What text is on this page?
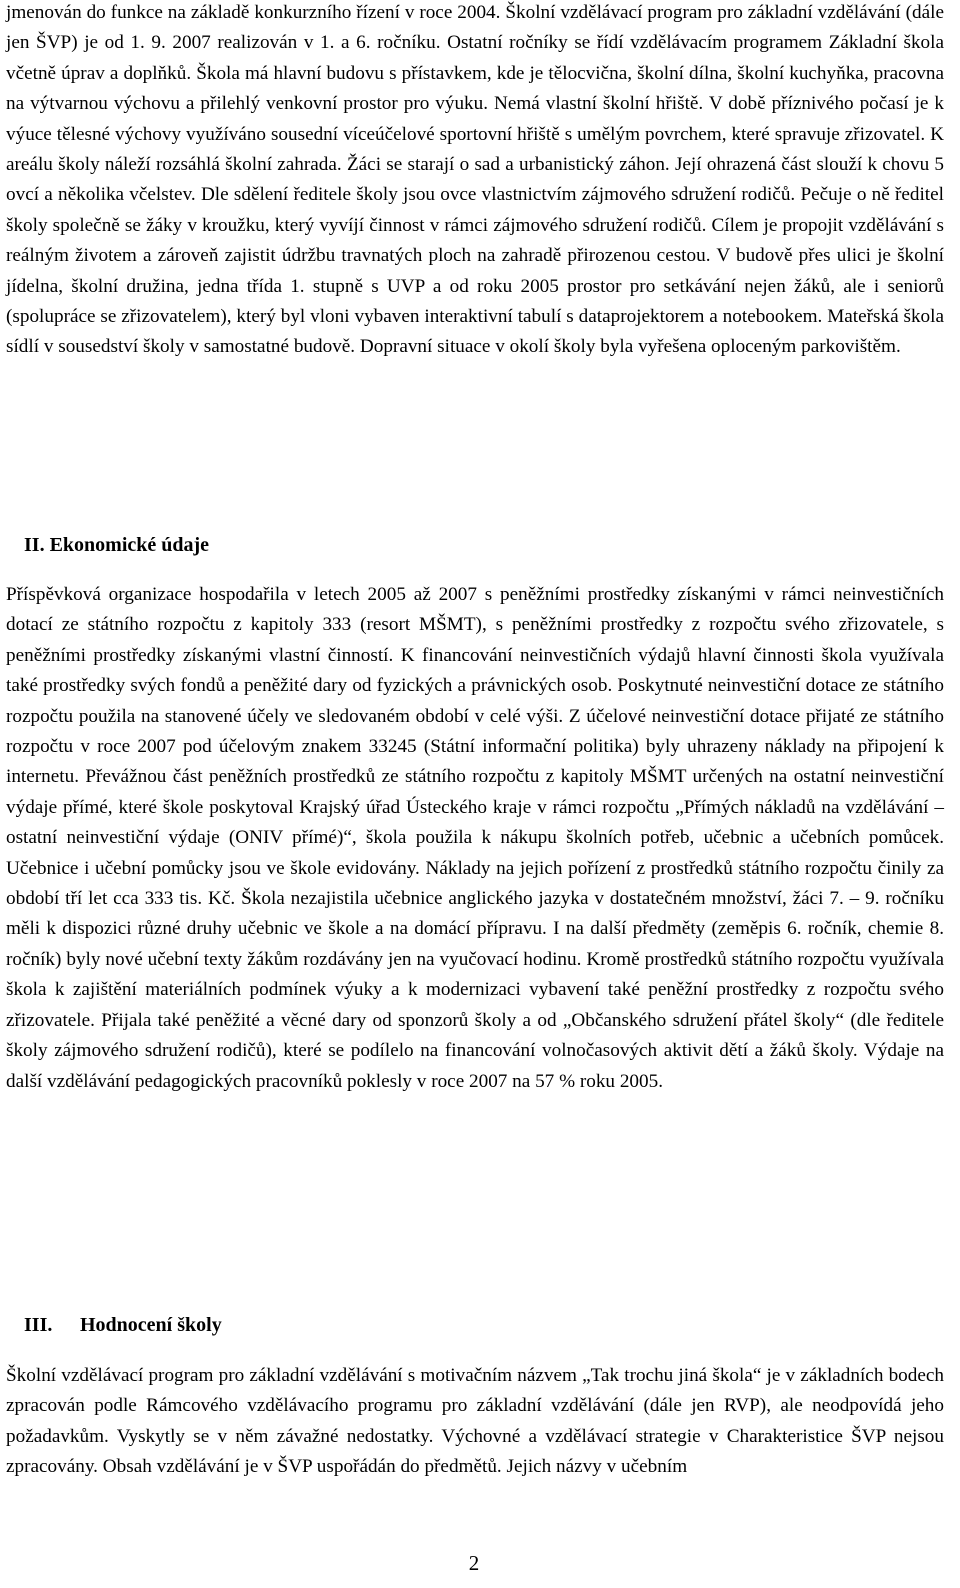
jmenován do funkce na základě konkurzního řízení v roce 2004. Školní vzdělávací program pro základní vzdělávání (dále jen ŠVP) je od 1. 9. 2007 realizován v 1. a 6. ročníku. Ostatní ročníky se řídí vzdělávacím programem Základní škola včetně úprav a doplňků. Škola má hlavní budovu s přístavkem, kde je tělocvična, školní dílna, školní kuchyňka, pracovna na výtvarnou výchovu a přilehlý venkovní prostor pro výuku. Nemá vlastní školní hřiště. V době příznivého počasí je k výuce tělesné výchovy využíváno sousední víceúčelové sportovní hřiště s umělým povrchem, které spravuje zřizovatel. K areálu školy náleží rozsáhlá školní zahrada. Žáci se starají o sad a urbanistický záhon. Její ohrazená část slouží k chovu 5 ovcí a několika včelstev. Dle sdělení ředitele školy jsou ovce vlastnictvím zájmového sdružení rodičů. Pečuje o ně ředitel školy společně se žáky v kroužku, který vyvíjí činnost v rámci zájmového sdružení rodičů. Cílem je propojit vzdělávání s reálným životem a zároveň zajistit údržbu travnatých ploch na zahradě přirozenou cestou. V budově přes ulici je školní jídelna, školní družina, jedna třída 1. stupně s UVP a od roku 2005 prostor pro setkávání nejen žáků, ale i seniorů (spolupráce se zřizovatelem), který byl vloni vybaven interaktivní tabulí s dataprojektorem a notebookem. Mateřská škola sídlí v sousedství školy v samostatné budově. Dopravní situace v okolí školy byla vyřešena oploceným parkovištěm.

II. Ekonomické údaje

Příspěvková organizace hospodařila v letech 2005 až 2007 s peněžními prostředky získanými v rámci neinvestičních dotací ze státního rozpočtu z kapitoly 333 (resort MŠMT), s peněžními prostředky z rozpočtu svého zřizovatele, s peněžními prostředky získanými vlastní činností. K financování neinvestičních výdajů hlavní činnosti škola využívala také prostředky svých fondů a peněžité dary od fyzických a právnických osob. Poskytnuté neinvestiční dotace ze státního rozpočtu použila na stanovené účely ve sledovaném období v celé výši. Z účelové neinvestiční dotace přijaté ze státního rozpočtu v roce 2007 pod účelovým znakem 33245 (Státní informační politika) byly uhrazeny náklady na připojení k internetu. Převážnou část peněžních prostředků ze státního rozpočtu z kapitoly MŠMT určených na ostatní neinvestiční výdaje přímé, které škole poskytoval Krajský úřad Ústeckého kraje v rámci rozpočtu „Přímých nákladů na vzdělávání – ostatní neinvestiční výdaje (ONIV přímé)“, škola použila k nákupu školních potřeb, učebnic a učebních pomůcek. Učebnice i učební pomůcky jsou ve škole evidovány. Náklady na jejich pořízení z prostředků státního rozpočtu činily za období tří let cca 333 tis. Kč. Škola nezajistila učebnice anglického jazyka v dostatečném množství, žáci 7. – 9. ročníku měli k dispozici různé druhy učebnic ve škole a na domácí přípravu. I na další předměty (zeměpis 6. ročník, chemie 8. ročník) byly nové učební texty žákům rozdávány jen na vyučovací hodinu. Kromě prostředků státního rozpočtu využívala škola k zajištění materiálních podmínek výuky a k modernizaci vybavení také peněžní prostředky z rozpočtu svého zřizovatele. Přijala také peněžité a věcné dary od sponzorů školy a od „Občanského sdružení přátel školy“ (dle ředitele školy zájmového sdružení rodičů), které se podílelo na financování volnočasových aktivit dětí a žáků školy. Výdaje na další vzdělávání pedagogických pracovníků poklesly v roce 2007 na 57 % roku 2005.

III. Hodnocení školy

Školní vzdělávací program pro základní vzdělávání s motivačním názvem „Tak trochu jiná škola“ je v základních bodech zpracován podle Rámcového vzdělávacího programu pro základní vzdělávání (dále jen RVP), ale neodpovídá jeho požadavkům. Vyskytly se v něm závažné nedostatky. Výchovné a vzdělávací strategie v Charakteristice ŠVP nejsou zpracovány. Obsah vzdělávání je v ŠVP uspořádán do předmětů. Jejich názvy v učebním

2
